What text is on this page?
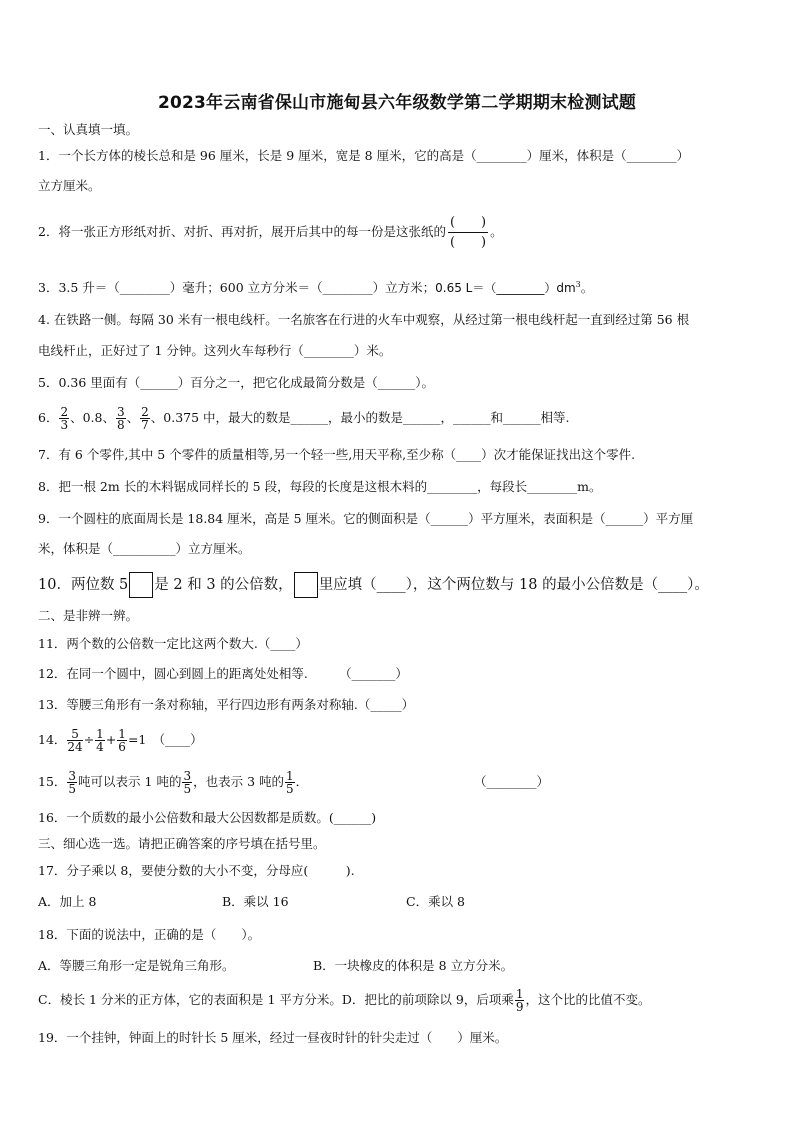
2023年云南省保山市施甸县六年级数学第二学期期末检测试题
一、认真填一填。
1．一个长方体的棱长总和是 96 厘米，长是 9 厘米，宽是 8 厘米，它的高是（________）厘米，体积是（________）
立方厘米。
2．将一张正方形纸对折、对折、再对折，展开后其中的每一份是这张纸的 $\frac{( )}{( )}$ 。
3．3.5 升＝（________）毫升；600 立方分米＝（________）立方米；0.65 $L=(\_\_\_\_\_\_\_\_)dm^3$。
4. 在铁路一侧。每隔 30 米有一根电线杆。一名旅客在行进的火车中观察，从经过第一根电线杆起一直到经过第 56 根
电线杆止，正好过了 1 分钟。这列火车每秒行（________）米。
5．0.36 里面有（______）百分之一，把它化成最简分数是（______）。
6． $\frac{2}{3}$ 、0.8、 $\frac{3}{8}$ 、 $\frac{2}{7}$ 、0.375 中，最大的数是______，最小的数是______，______和______相等.
7．有 6 个零件,其中 5 个零件的质量相等,另一个轻一些,用天平称,至少称（____）次才能保证找出这个零件.
8．把一根 2m 长的木料锯成同样长的 5 段，每段的长度是这根木料的________，每段长________m。
9．一个圆柱的底面周长是 18.84 厘米，高是 5 厘米。它的侧面积是（______）平方厘米，表面积是（______）平方厘
米，体积是（__________）立方厘米。
10．两位数 5 是 2 和 3 的公倍数， 里应填（____），这个两位数与 18 的最小公倍数是（____）。
二、是非辨一辨。
11．两个数的公倍数一定比这两个数大.（____）
12．在同一个圆中，圆心到圆上的距离处处相等.　　　（_______）
13．等腰三角形有一条对称轴，平行四边形有两条对称轴.（_____）
14． $\frac{5}{24} \div \frac{1}{4} + \frac{1}{6} =1$　（____）
15． $\frac{3}{5}$ 吨可以表示 1 吨的 $\frac{3}{5}$ ，也表示 3 吨的 $\frac{1}{5}$ ．	（________）
16．一个质数的最小公倍数和最大公因数都是质数。(______)
三、细心选一选。请把正确答案的序号填在括号里。
17．分子乘以 8，要使分数的大小不变，分母应(　　　).
A．加上 8	B．乘以 16	C．乘以 8
18．下面的说法中，正确的是（　　）。
A．等腰三角形一定是锐角三角形。	B．一块橡皮的体积是 8 立方分米。
C．棱长 1 分米的正方体，它的表面积是 1 平方分米。D．把比的前项除以 9，后项乘 $\frac{1}{9}$ ，这个比的比值不变。
19．一个挂钟，钟面上的时针长 5 厘米，经过一昼夜时针的针尖走过（　　）厘米。
